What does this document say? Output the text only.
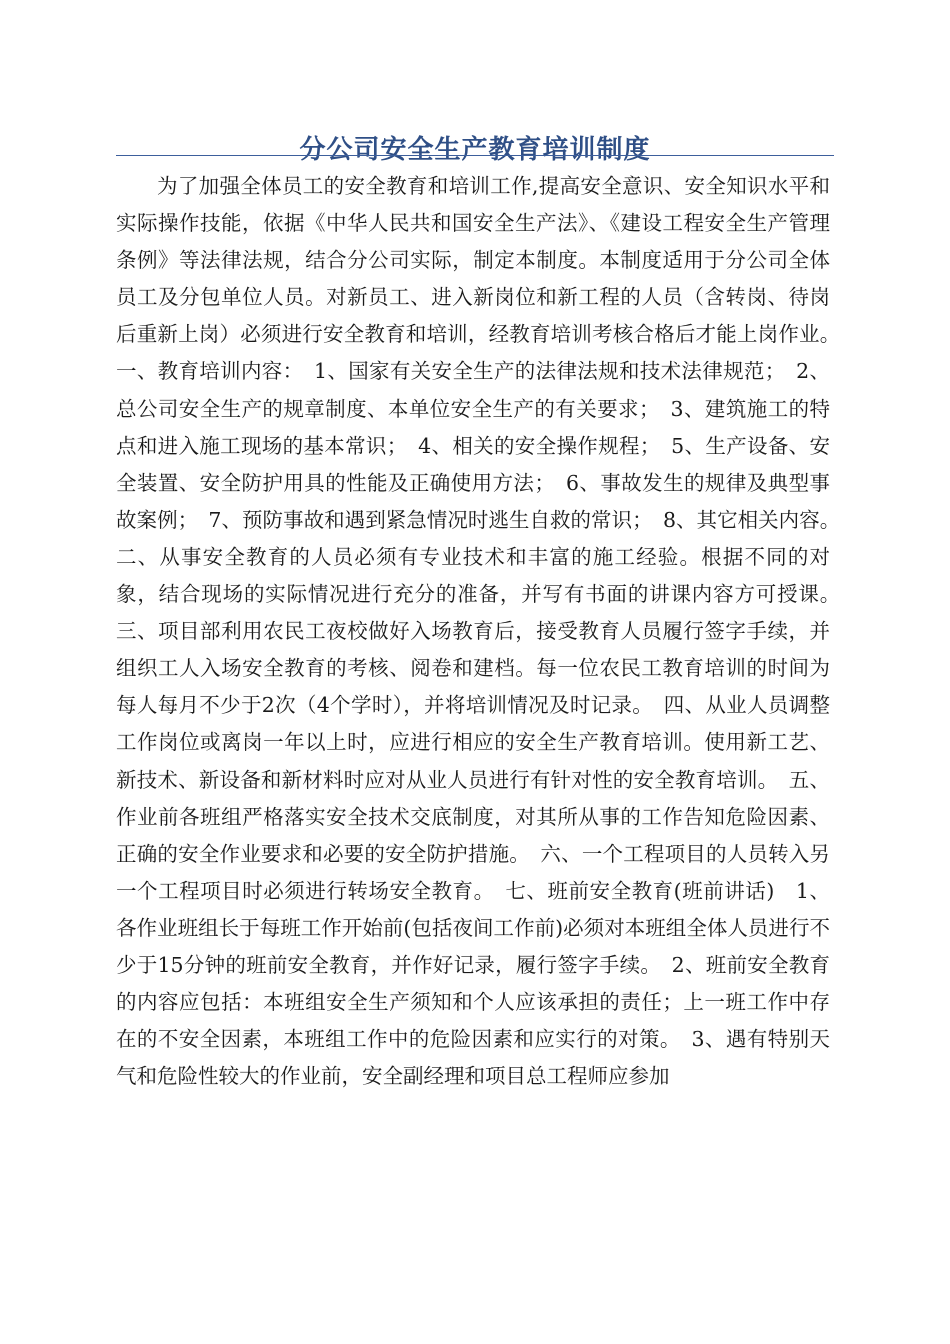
分公司安全生产教育培训制度

为了加强全体员工的安全教育和培训工作,提高安全意识、安全知识水平和实际操作技能，依据《中华人民共和国安全生产法》、《建设工程安全生产管理条例》等法律法规，结合分公司实际，制定本制度。本制度适用于分公司全体员工及分包单位人员。对新员工、进入新岗位和新工程的人员（含转岗、待岗后重新上岗）必须进行安全教育和培训，经教育培训考核合格后才能上岗作业。　一、教育培训内容：　1、国家有关安全生产的法律法规和技术法律规范；　2、总公司安全生产的规章制度、本单位安全生产的有关要求；　3、建筑施工的特点和进入施工现场的基本常识；　4、相关的安全操作规程；　5、生产设备、安全装置、安全防护用具的性能及正确使用方法；　6、事故发生的规律及典型事故案例；　7、预防事故和遇到紧急情况时逃生自救的常识；　8、其它相关内容。　二、从事安全教育的人员必须有专业技术和丰富的施工经验。根据不同的对象，结合现场的实际情况进行充分的准备，并写有书面的讲课内容方可授课。　三、项目部利用农民工夜校做好入场教育后，接受教育人员履行签字手续，并组织工人入场安全教育的考核、阅卷和建档。每一位农民工教育培训的时间为每人每月不少于2次（4个学时），并将培训情况及时记录。　四、从业人员调整工作岗位或离岗一年以上时，应进行相应的安全生产教育培训。使用新工艺、新技术、新设备和新材料时应对从业人员进行有针对性的安全教育培训。　五、作业前各班组严格落实安全技术交底制度，对其所从事的工作告知危险因素、正确的安全作业要求和必要的安全防护措施。　六、一个工程项目的人员转入另一个工程项目时必须进行转场安全教育。　七、班前安全教育(班前讲话)　1、各作业班组长于每班工作开始前(包括夜间工作前)必须对本班组全体人员进行不少于15分钟的班前安全教育，并作好记录，履行签字手续。　2、班前安全教育的内容应包括：本班组安全生产须知和个人应该承担的责任；上一班工作中存在的不安全因素，本班组工作中的危险因素和应实行的对策。　3、遇有特别天气和危险性较大的作业前，安全副经理和项目总工程师应参加
